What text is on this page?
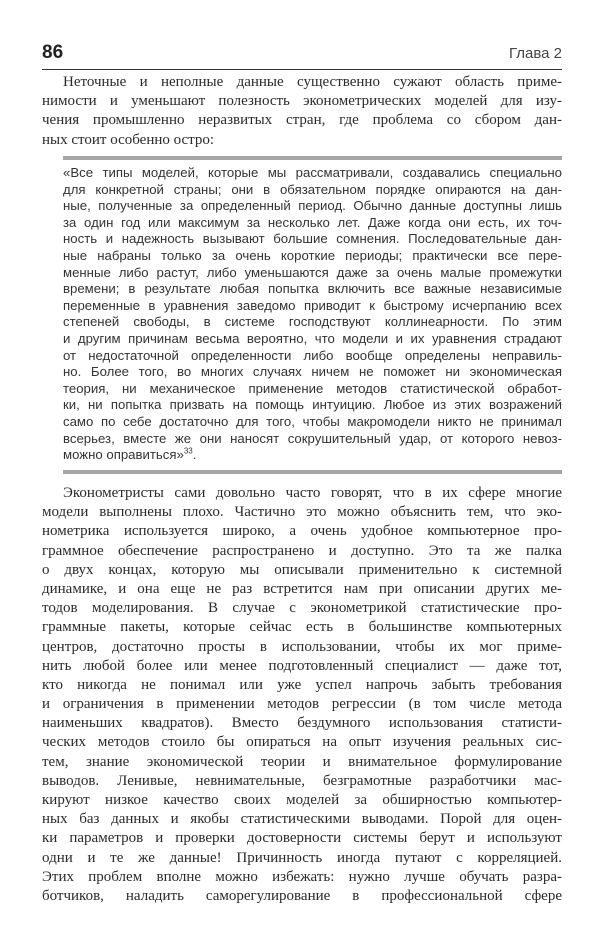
86	Глава 2
Неточные и неполные данные существенно сужают область приме-
нимости и уменьшают полезность эконометрических моделей для изу-
чения промышленно неразвитых стран, где проблема со сбором дан-
ных стоит особенно остро:
«Все типы моделей, которые мы рассматривали, создавались специально
для конкретной страны; они в обязательном порядке опираются на дан-
ные, полученные за определенный период. Обычно данные доступны лишь
за один год или максимум за несколько лет. Даже когда они есть, их точ-
ность и надежность вызывают большие сомнения. Последовательные дан-
ные набраны только за очень короткие периоды; практически все пере-
менные либо растут, либо уменьшаются даже за очень малые промежутки
времени; в результате любая попытка включить все важные независимые
переменные в уравнения заведомо приводит к быстрому исчерпанию всех
степеней свободы, в системе господствуют коллинеарности. По этим
и другим причинам весьма вероятно, что модели и их уравнения страдают
от недостаточной определенности либо вообще определены неправиль-
но. Более того, во многих случаях ничем не поможет ни экономическая
теория, ни механическое применение методов статистической обработ-
ки, ни попытка призвать на помощь интуицию. Любое из этих возражений
само по себе достаточно для того, чтобы макромодели никто не принимал
всерьез, вместе же они наносят сокрушительный удар, от которого невоз-
можно оправиться»$^{33}$.
Эконометристы сами довольно часто говорят, что в их сфере многие
модели выполнены плохо. Частично это можно объяснить тем, что эко-
нометрика используется широко, а очень удобное компьютерное про-
граммное обеспечение распространено и доступно. Это та же палка
о двух концах, которую мы описывали применительно к системной
динамике, и она еще не раз встретится нам при описании других ме-
тодов моделирования. В случае с эконометрикой статистические про-
граммные пакеты, которые сейчас есть в большинстве компьютерных
центров, достаточно просты в использовании, чтобы их мог приме-
нить любой более или менее подготовленный специалист — даже тот,
кто никогда не понимал или уже успел напрочь забыть требования
и ограничения в применении методов регрессии (в том числе метода
наименьших квадратов). Вместо бездумного использования статисти-
ческих методов стоило бы опираться на опыт изучения реальных сис-
тем, знание экономической теории и внимательное формулирование
выводов. Ленивые, невнимательные, безграмотные разработчики мас-
кируют низкое качество своих моделей за обширностью компьютер-
ных баз данных и якобы статистическими выводами. Порой для оцен-
ки параметров и проверки достоверности системы берут и используют
одни и те же данные! Причинность иногда путают с корреляцией.
Этих проблем вполне можно избежать: нужно лучше обучать разра-
ботчиков, наладить саморегулирование в профессиональной сфере
